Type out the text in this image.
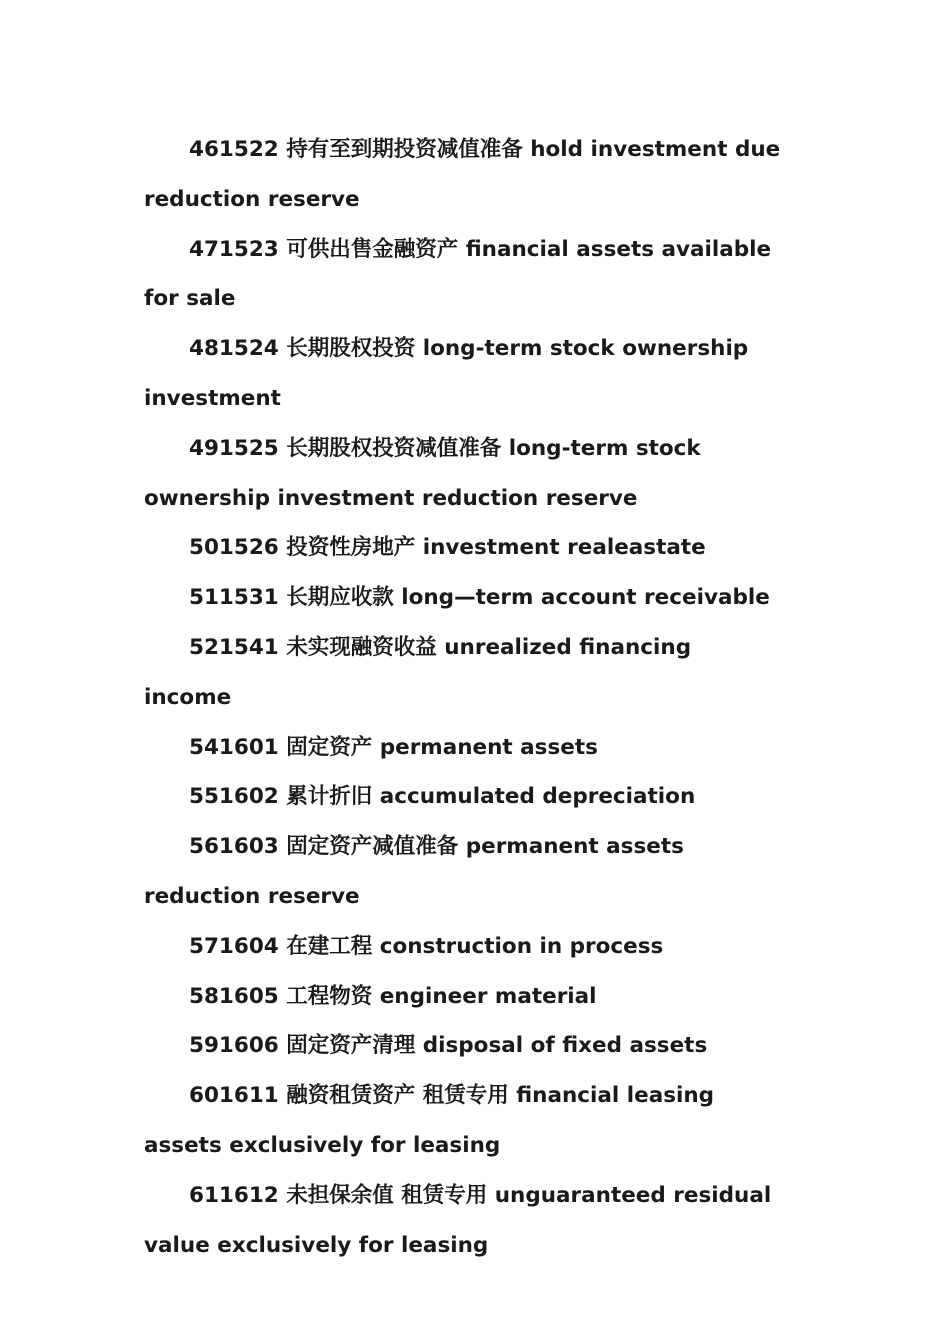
461522 持有至到期投资减值准备 hold investment due reduction reserve

471523 可供出售金融资产 financial assets available for sale

481524 长期股权投资 long-term stock ownership investment

491525 长期股权投资减值准备 long-term stock ownership investment reduction reserve

501526 投资性房地产 investment realeastate

511531 长期应收款 long—term account receivable

521541 未实现融资收益 unrealized financing income

541601 固定资产 permanent assets

551602 累计折旧 accumulated depreciation

561603 固定资产减值准备 permanent assets reduction reserve

571604 在建工程 construction in process

581605 工程物资 engineer material

591606 固定资产清理 disposal of fixed assets

601611 融资租赁资产 租赁专用 financial leasing assets exclusively for leasing

611612 未担保余值 租赁专用 unguaranteed residual value exclusively for leasing
